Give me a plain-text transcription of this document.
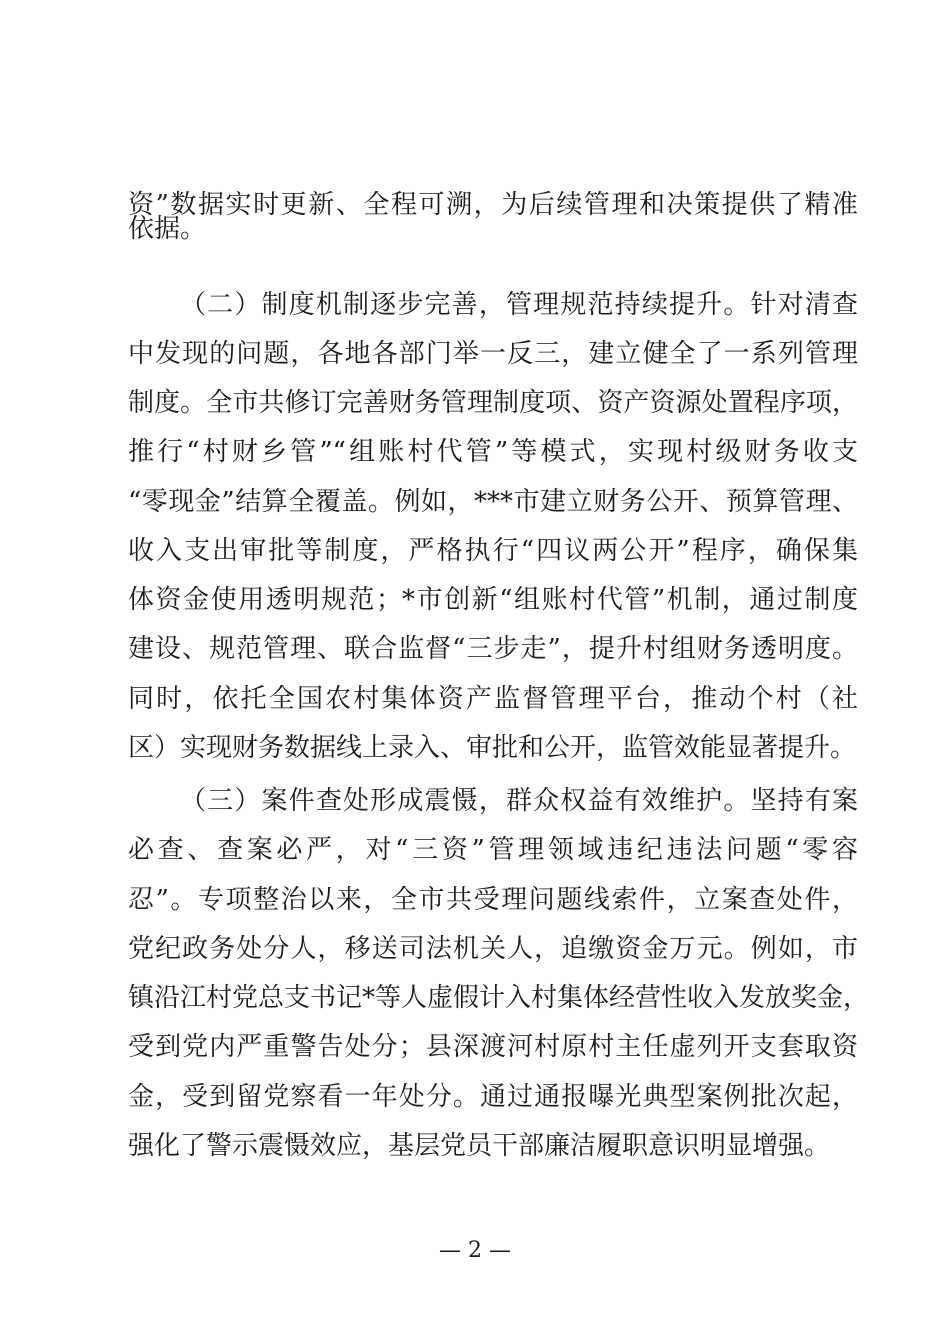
资”数据实时更新、全程可溯，为后续管理和决策提供了精准
依据。
（二）制度机制逐步完善，管理规范持续提升。针对清查
中发现的问题，各地各部门举一反三，建立健全了一系列管理
制度。全市共修订完善财务管理制度项、资产资源处置程序项，
推行“村财乡管”“组账村代管”等模式，实现村级财务收支
“零现金”结算全覆盖。例如，***市建立财务公开、预算管理、
收入支出审批等制度，严格执行“四议两公开”程序，确保集
体资金使用透明规范；*市创新“组账村代管”机制，通过制度
建设、规范管理、联合监督“三步走”，提升村组财务透明度。
同时，依托全国农村集体资产监督管理平台，推动个村（社
区）实现财务数据线上录入、审批和公开，监管效能显著提升。
（三）案件查处形成震慑，群众权益有效维护。坚持有案
必查、查案必严，对“三资”管理领域违纪违法问题“零容
忍”。专项整治以来，全市共受理问题线索件，立案查处件，
党纪政务处分人，移送司法机关人，追缴资金万元。例如，市
镇沿江村党总支书记*等人虚假计入村集体经营性收入发放奖金，
受到党内严重警告处分；县深渡河村原村主任虚列开支套取资
金，受到留党察看一年处分。通过通报曝光典型案例批次起，
强化了警示震慑效应，基层党员干部廉洁履职意识明显增强。
— 2 —
